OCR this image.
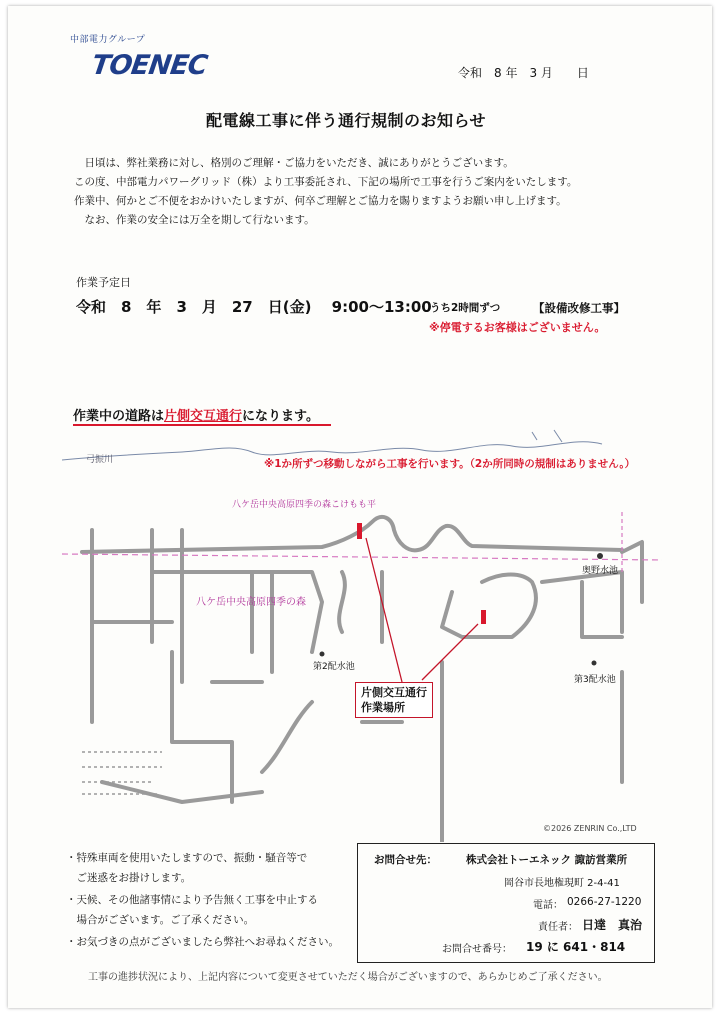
中部電力グループ
TOENEC	令和　8 年　3 月　　日
配電線工事に伴う通行規制のお知らせ
　日頃は、弊社業務に対し、格別のご理解・ご協力をいただき、誠にありがとうございます。
この度、中部電力パワーグリッド（株）より工事委託され、下記の場所で工事を行うご案内をいたします。
作業中、何かとご不便をおかけいたしますが、何卒ご理解とご協力を賜りますようお願い申し上げます。
　なお、作業の安全には万全を期して行ないます。
作業予定日
令和　8　年　3　月　27　日(金)　 9:00～13:00
うち2時間ずつ	【設備改修工事】
※停電するお客様はございません。
作業中の道路は片側交互通行になります。
弓振川	※1か所ずつ移動しながら工事を行います。（2か所同時の規制はありません。）
八ケ岳中央高原四季の森こけもも平
八ケ岳中央高原四季の森
奥野水池
第2配水池
第3配水池
片側交互通行
作業場所
©2026 ZENRIN Co.,LTD
・特殊車両を使用いたしますので、振動・騒音等で
　ご迷惑をお掛けします。
・天候、その他諸事情により予告無く工事を中止する
　場合がございます。ご了承ください。
・お気づきの点がございましたら弊社へお尋ねください。
お問合せ先：	株式会社トーエネック 諏訪営業所
岡谷市長地権現町 2-4-41
電話： 0266-27-1220
責任者： 日達　真治
お問合せ番号： 19 に 641・814
工事の進捗状況により、上記内容について変更させていただく場合がございますので、あらかじめご了承ください。
